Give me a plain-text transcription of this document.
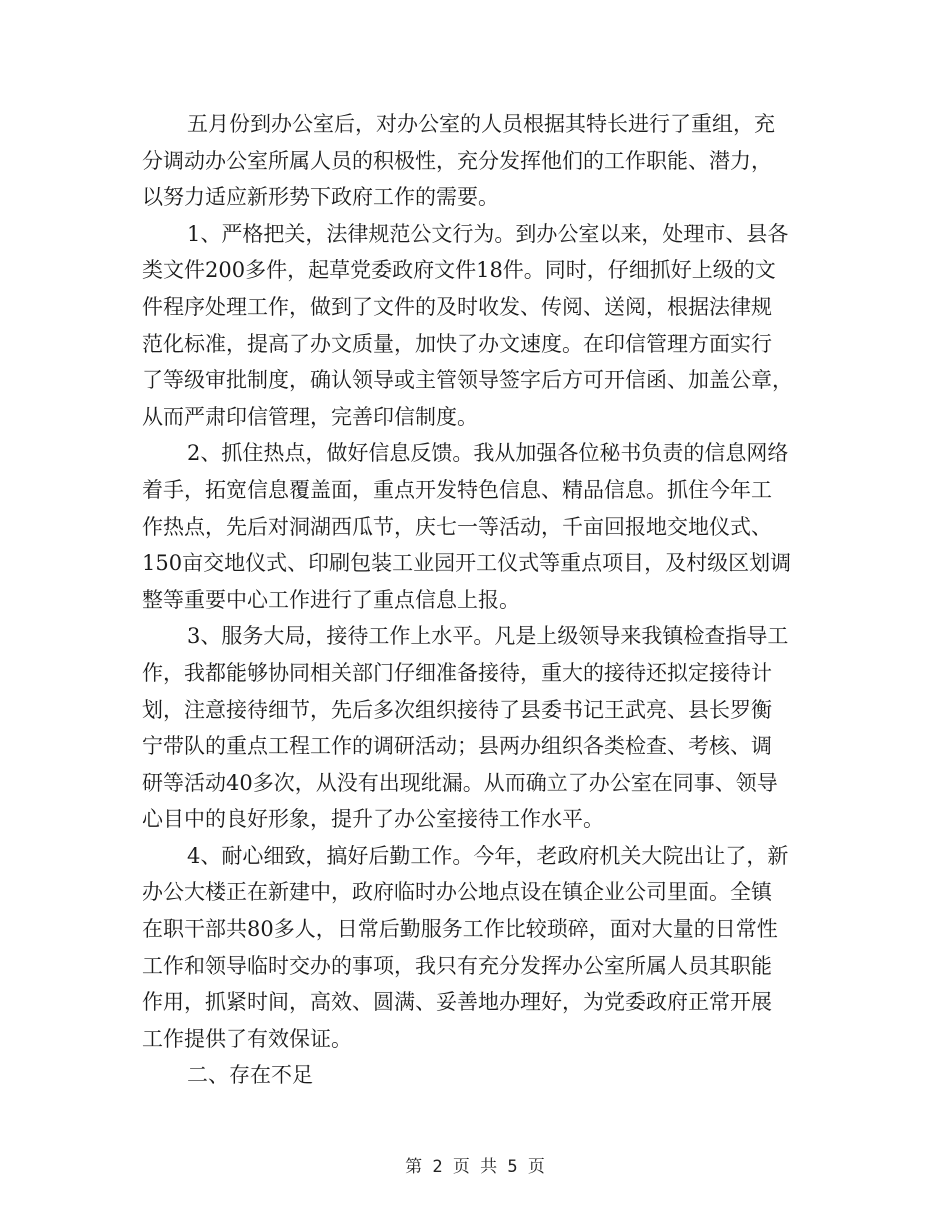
五月份到办公室后，对办公室的人员根据其特长进行了重组，充
分调动办公室所属人员的积极性，充分发挥他们的工作职能、潜力，
以努力适应新形势下政府工作的需要。
1、严格把关，法律规范公文行为。到办公室以来，处理市、县各
类文件200多件，起草党委政府文件18件。同时，仔细抓好上级的文
件程序处理工作，做到了文件的及时收发、传阅、送阅，根据法律规
范化标准，提高了办文质量，加快了办文速度。在印信管理方面实行
了等级审批制度，确认领导或主管领导签字后方可开信函、加盖公章，
从而严肃印信管理，完善印信制度。
2、抓住热点，做好信息反馈。我从加强各位秘书负责的信息网络
着手，拓宽信息覆盖面，重点开发特色信息、精品信息。抓住今年工
作热点，先后对洞湖西瓜节，庆七一等活动，千亩回报地交地仪式、
150亩交地仪式、印刷包装工业园开工仪式等重点项目，及村级区划调
整等重要中心工作进行了重点信息上报。
3、服务大局，接待工作上水平。凡是上级领导来我镇检查指导工
作，我都能够协同相关部门仔细准备接待，重大的接待还拟定接待计
划，注意接待细节，先后多次组织接待了县委书记王武亮、县长罗衡
宁带队的重点工程工作的调研活动；县两办组织各类检查、考核、调
研等活动40多次，从没有出现纰漏。从而确立了办公室在同事、领导
心目中的良好形象，提升了办公室接待工作水平。
4、耐心细致，搞好后勤工作。今年，老政府机关大院出让了，新
办公大楼正在新建中，政府临时办公地点设在镇企业公司里面。全镇
在职干部共80多人，日常后勤服务工作比较琐碎，面对大量的日常性
工作和领导临时交办的事项，我只有充分发挥办公室所属人员其职能
作用，抓紧时间，高效、圆满、妥善地办理好，为党委政府正常开展
工作提供了有效保证。
二、存在不足
第 2 页 共 5 页
